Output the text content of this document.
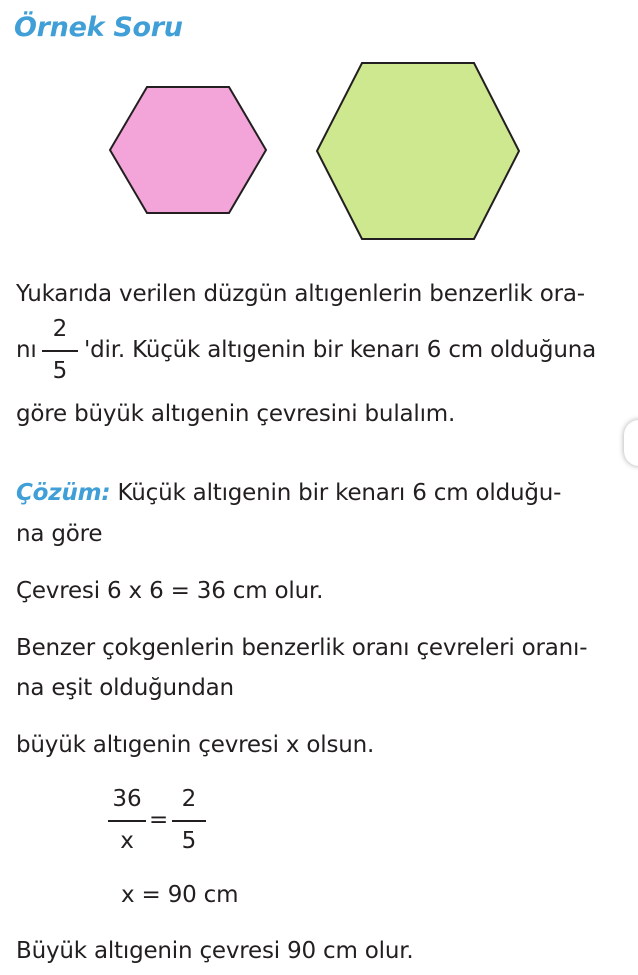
Örnek Soru
Yukarıda verilen düzgün altıgenlerin benzerlik ora-
nı
2
5
'dir. Küçük altıgenin bir kenarı 6 cm olduğuna
göre büyük altıgenin çevresini bulalım.
Çözüm: Küçük altıgenin bir kenarı 6 cm olduğu-
na göre
Çevresi 6 x 6 = 36 cm olur.
Benzer çokgenlerin benzerlik oranı çevreleri oranı-
na eşit olduğundan
büyük altıgenin çevresi x olsun.
36
x
=
2
5
x = 90 cm
Büyük altıgenin çevresi 90 cm olur.
